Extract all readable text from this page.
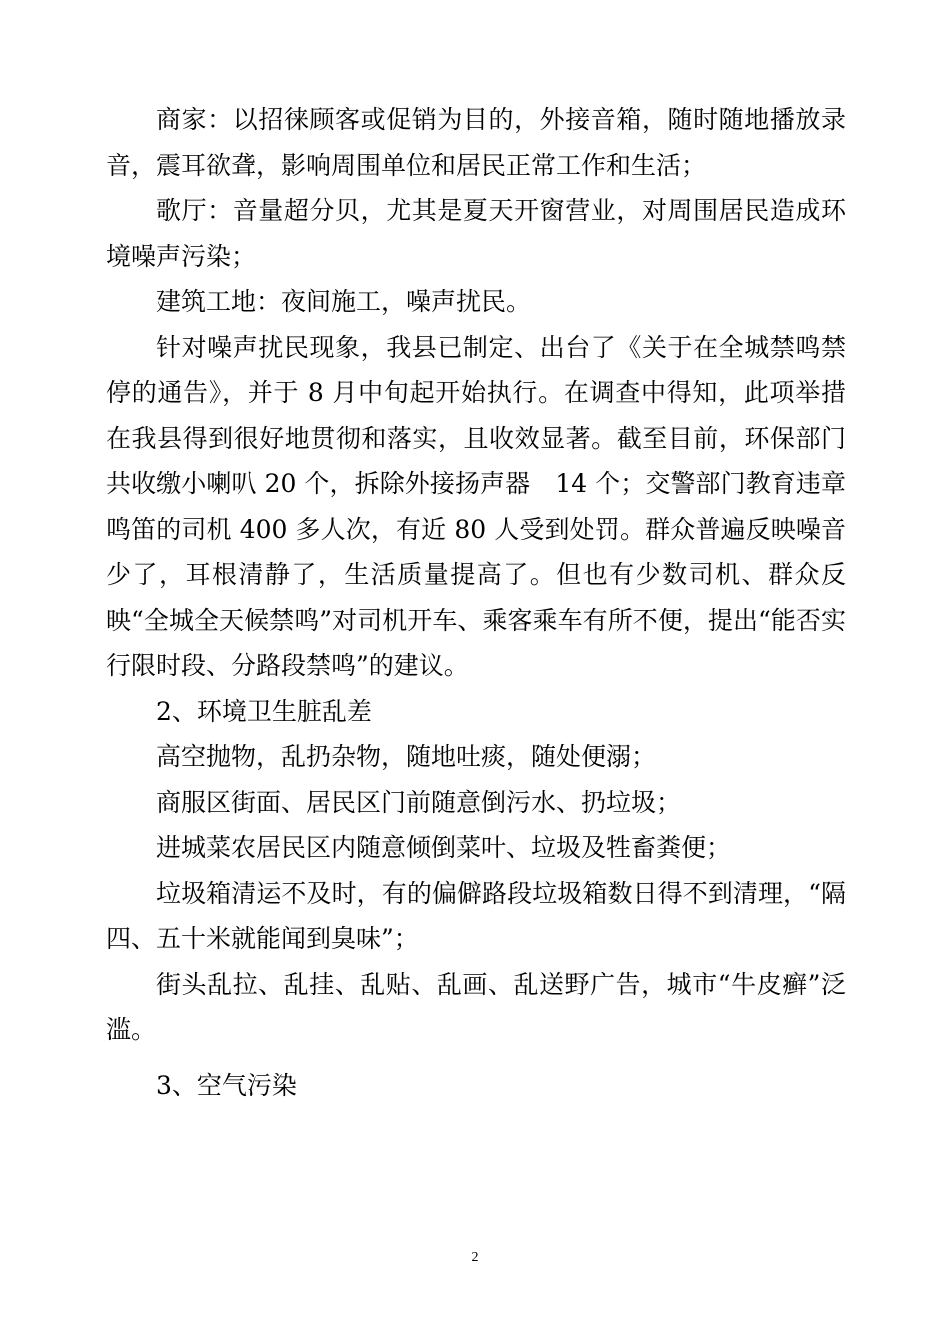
商家：以招徕顾客或促销为目的，外接音箱，随时随地播放录音，震耳欲聋，影响周围单位和居民正常工作和生活；

歌厅：音量超分贝，尤其是夏天开窗营业，对周围居民造成环境噪声污染；

建筑工地：夜间施工，噪声扰民。

针对噪声扰民现象，我县已制定、出台了《关于在全城禁鸣禁停的通告》，并于 8 月中旬起开始执行。在调查中得知，此项举措在我县得到很好地贯彻和落实，且收效显著。截至目前，环保部门共收缴小喇叭 20 个，拆除外接扬声器　14 个；交警部门教育违章鸣笛的司机 400 多人次，有近 80 人受到处罚。群众普遍反映噪音少了，耳根清静了，生活质量提高了。但也有少数司机、群众反映“全城全天候禁鸣”对司机开车、乘客乘车有所不便，提出“能否实行限时段、分路段禁鸣”的建议。

2、环境卫生脏乱差

高空抛物，乱扔杂物，随地吐痰，随处便溺；

商服区街面、居民区门前随意倒污水、扔垃圾；

进城菜农居民区内随意倾倒菜叶、垃圾及牲畜粪便；

垃圾箱清运不及时，有的偏僻路段垃圾箱数日得不到清理，“隔四、五十米就能闻到臭味”；

街头乱拉、乱挂、乱贴、乱画、乱送野广告，城市“牛皮癣”泛滥。

3、空气污染

2
